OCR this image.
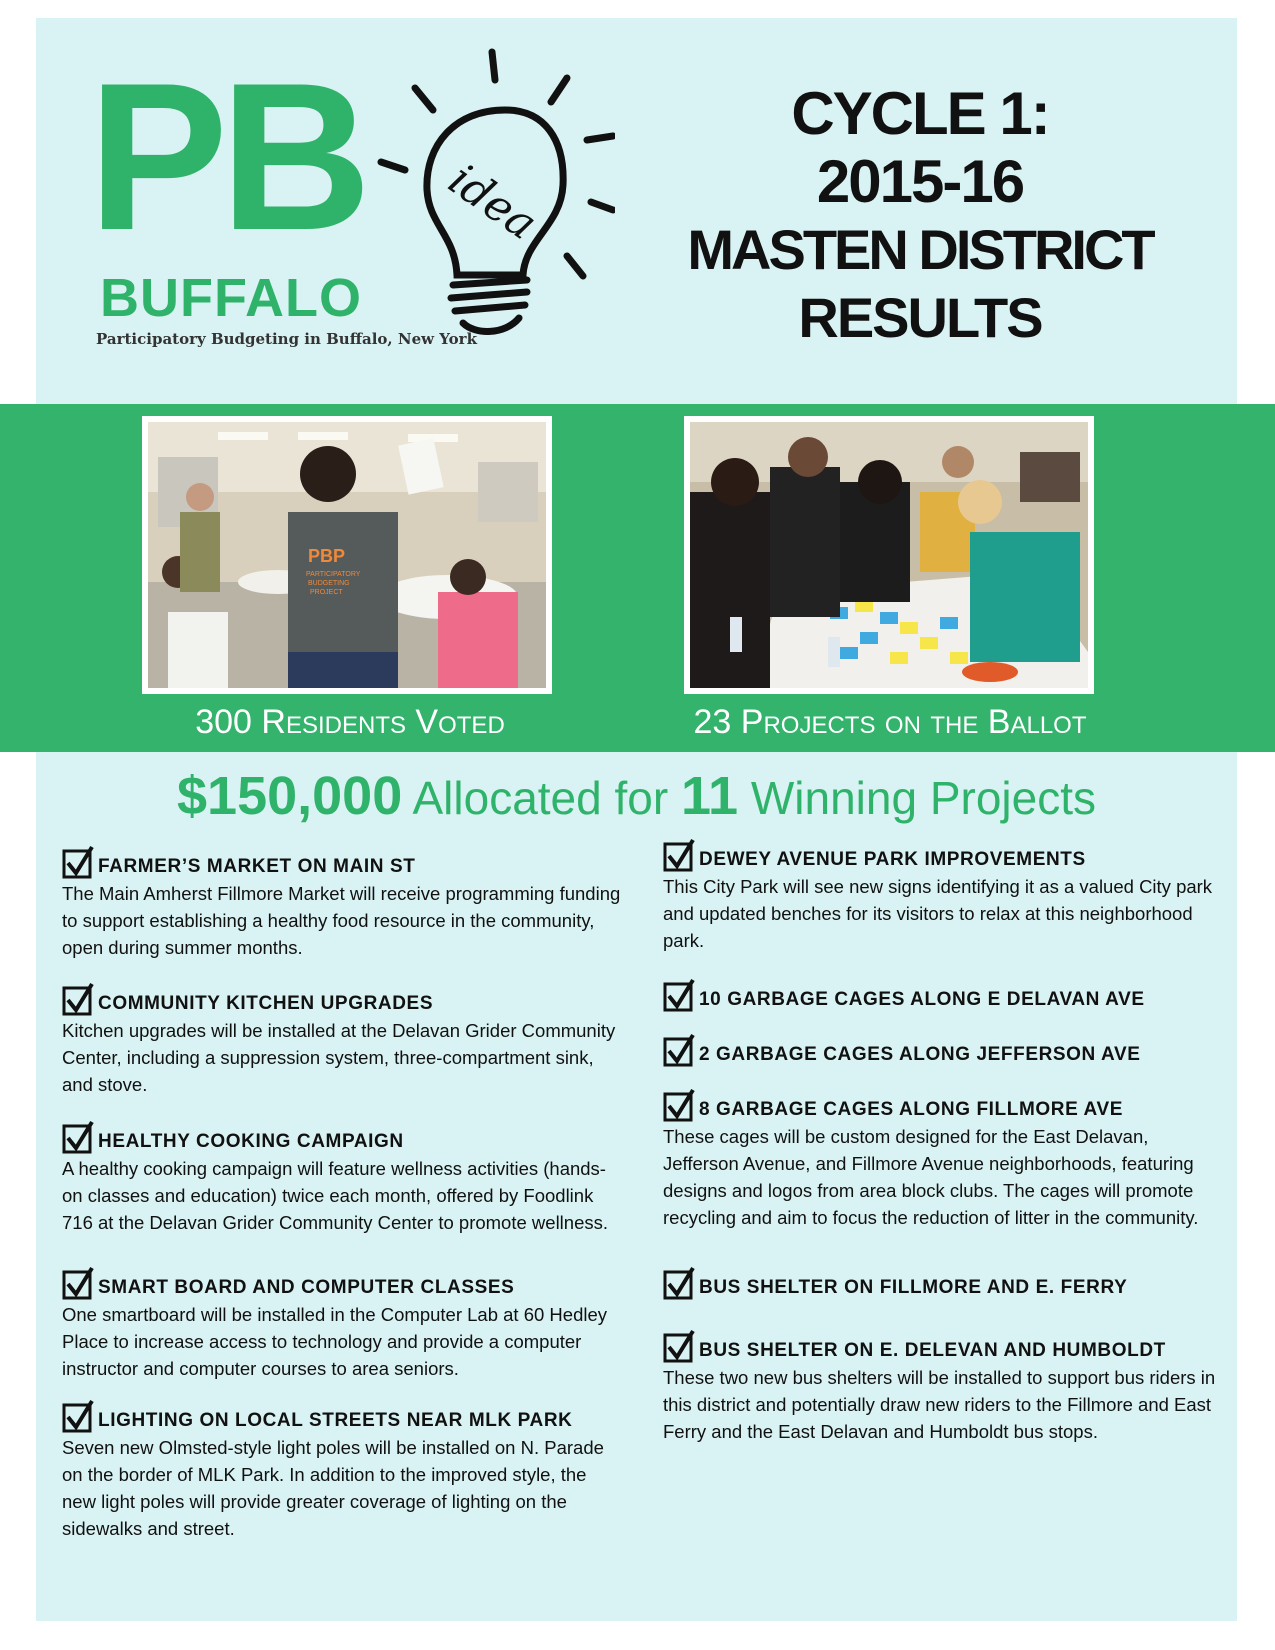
PB
BUFFALO
Participatory Budgeting in Buffalo, New York
idea
CYCLE 1:
2015-16
MASTEN DISTRICT
RESULTS
PBP
PARTICIPATORY
BUDGETING
PROJECT
300 Residents Voted	23 Projects on the Ballot
$150,000 Allocated for 11 Winning Projects
FARMER’S MARKET ON MAIN ST
The Main Amherst Fillmore Market will receive programming funding to support establishing a healthy food resource in the community, open during summer months.
COMMUNITY KITCHEN UPGRADES
Kitchen upgrades will be installed at the Delavan Grider Community Center, including a suppression system, three-compartment sink, and stove.
HEALTHY COOKING CAMPAIGN
A healthy cooking campaign will feature wellness activities (hands-on classes and education) twice each month, offered by Foodlink 716 at the Delavan Grider Community Center to promote wellness.
SMART BOARD AND COMPUTER CLASSES
One smartboard will be installed in the Computer Lab at 60 Hedley Place to increase access to technology and provide a computer instructor and computer courses to area seniors.
LIGHTING ON LOCAL STREETS NEAR MLK PARK
Seven new Olmsted-style light poles will be installed on N. Parade on the border of MLK Park. In addition to the improved style, the new light poles will provide greater coverage of lighting on the sidewalks and street.
DEWEY AVENUE PARK IMPROVEMENTS
This City Park will see new signs identifying it as a valued City park and updated benches for its visitors to relax at this neighborhood park.
10 GARBAGE CAGES ALONG E DELAVAN AVE
2 GARBAGE CAGES ALONG JEFFERSON AVE
8 GARBAGE CAGES ALONG FILLMORE AVE
These cages will be custom designed for the East Delavan, Jefferson Avenue, and Fillmore Avenue neighborhoods, featuring designs and logos from area block clubs. The cages will promote recycling and aim to focus the reduction of litter in the community.
BUS SHELTER ON FILLMORE AND E. FERRY
BUS SHELTER ON E. DELEVAN AND HUMBOLDT
These two new bus shelters will be installed to support bus riders in this district and potentially draw new riders to the Fillmore and East Ferry and the East Delavan and Humboldt bus stops.
